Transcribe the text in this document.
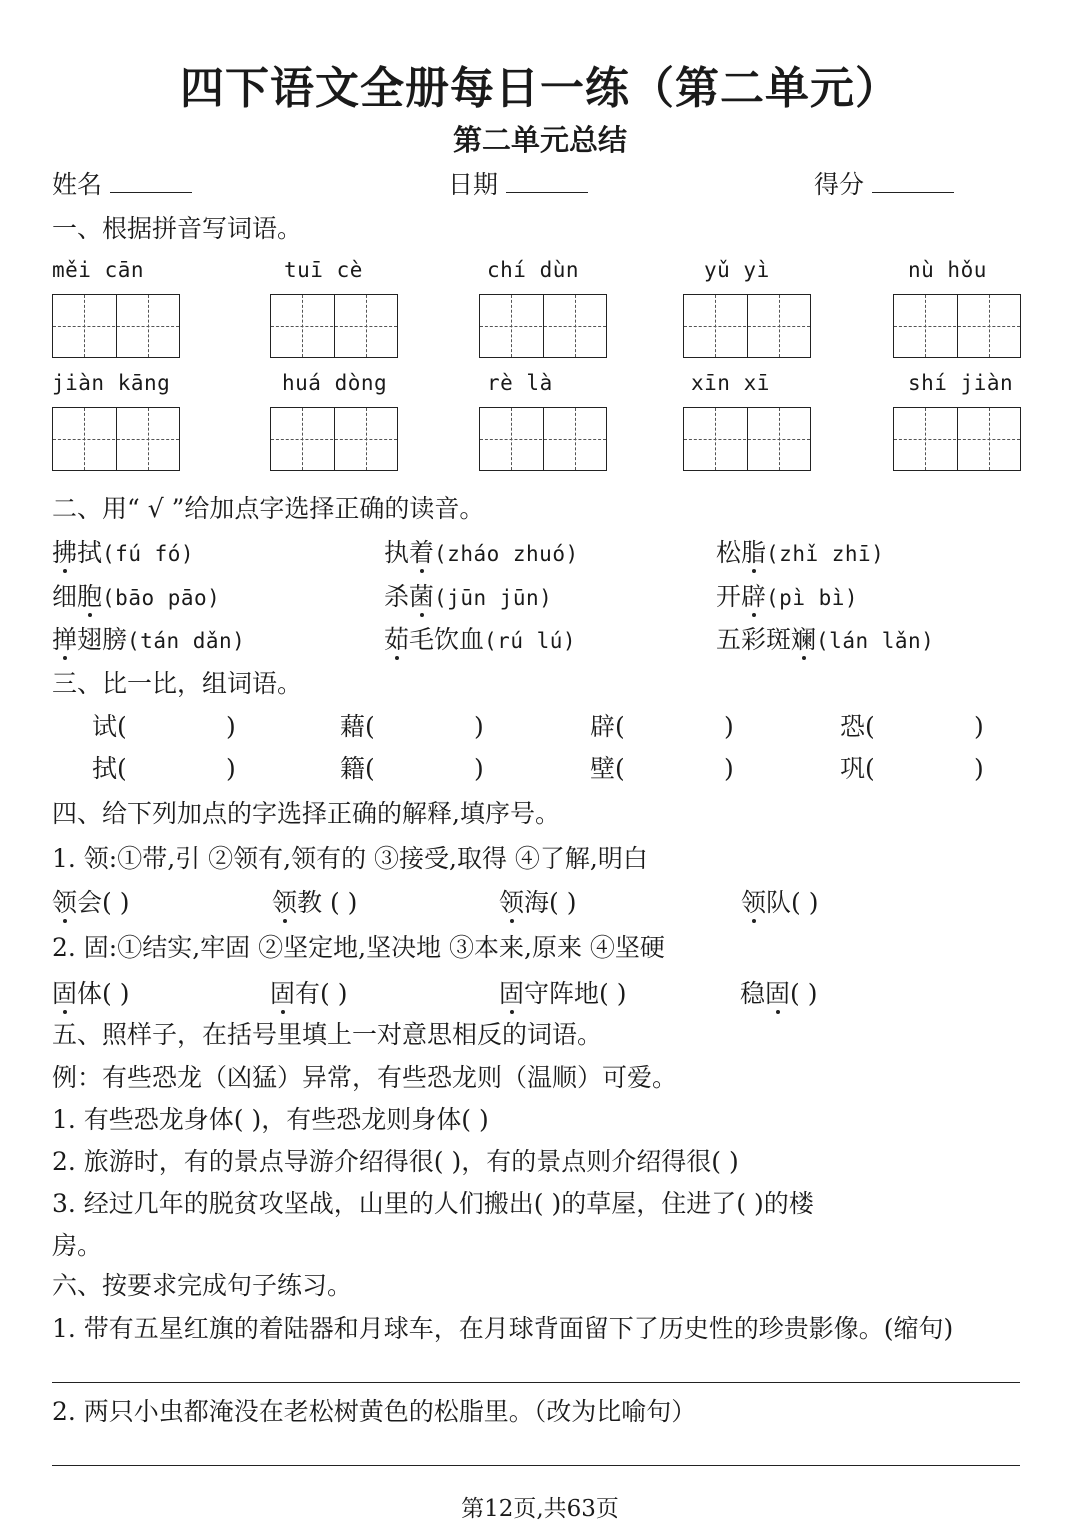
四下语文全册每日一练（第二单元）
第二单元总结
姓名	日期	得分
一、根据拼音写词语。
měi cān	tuī cè	chí dùn	yǔ yì	nù hǒu
jiàn kāng	huá dòng	rè là	xīn xī	shí jiàn
二、用“ √ ”给加点字选择正确的读音。
拂拭(fú fó)	执着(zháo zhuó)	松脂(zhǐ zhī)
细胞(bāo pāo)	杀菌(jūn jūn)	开辟(pì bì)
掸翅膀(tán dǎn)	茹毛饮血(rú lú)	五彩斑斓(lán lǎn)
三、比一比，组词语。
试(	)	藉(	)	辟(	)	恐(	)
拭(	)	籍(	)	壁(	)	巩(	)
四、给下列加点的字选择正确的解释,填序号。
1. 领:①带,引 ②领有,领有的 ③接受,取得 ④了解,明白
领会( )	领教 ( )	领海( )	领队( )
2. 固:①结实,牢固 ②坚定地,坚决地 ③本来,原来 ④坚硬
固体( )	固有( )	固守阵地( )	稳固( )
五、照样子，在括号里填上一对意思相反的词语。
例：有些恐龙（凶猛）异常，有些恐龙则（温顺）可爱。
1. 有些恐龙身体( )，有些恐龙则身体( )
2. 旅游时，有的景点导游介绍得很( )，有的景点则介绍得很( )
3. 经过几年的脱贫攻坚战，山里的人们搬出( )的草屋，住进了( )的楼
房。
六、按要求完成句子练习。
1. 带有五星红旗的着陆器和月球车，在月球背面留下了历史性的珍贵影像。(缩句)
2. 两只小虫都淹没在老松树黄色的松脂里。（改为比喻句）
第12页,共63页
